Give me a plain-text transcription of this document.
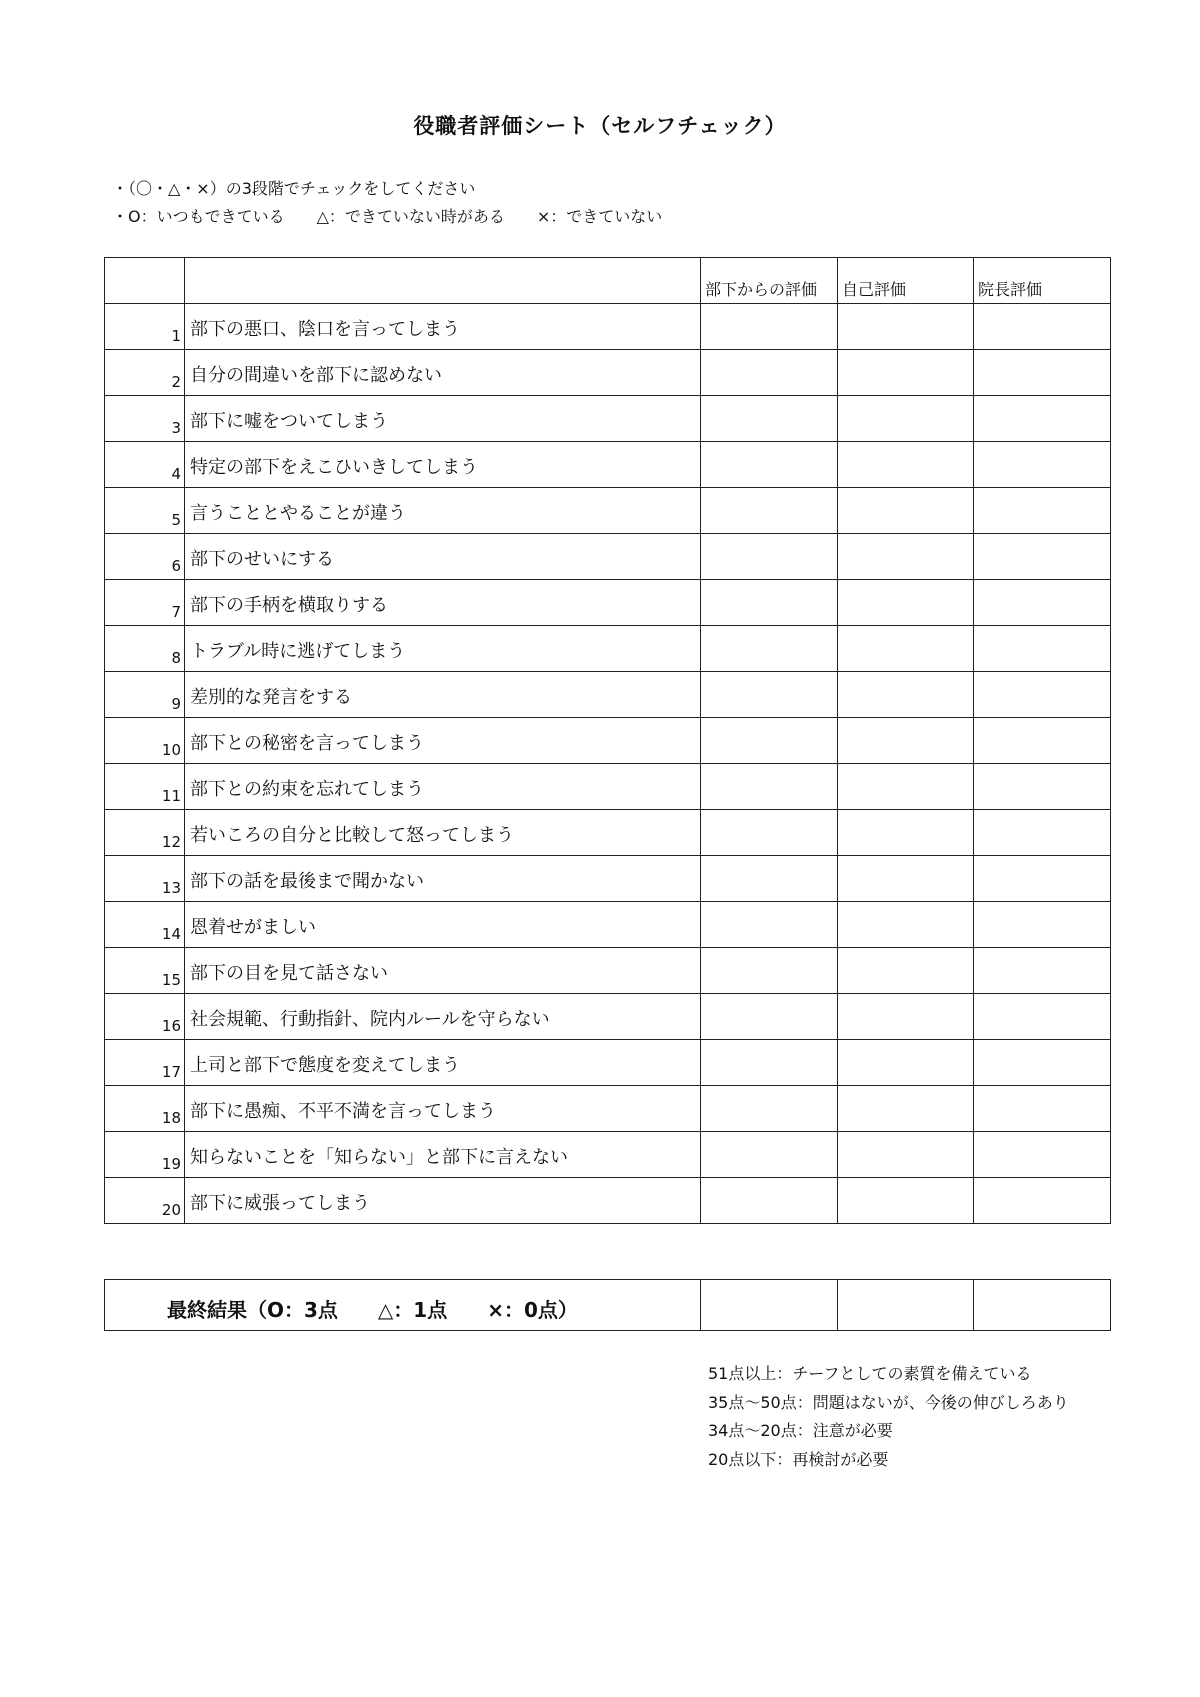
役職者評価シート（セルフチェック）
・（〇・△・×）の3段階でチェックをしてください
・O：いつもできている　　△：できていない時がある　　×：できていない
		部下からの評価	自己評価	院長評価
1	部下の悪口、陰口を言ってしまう			
2	自分の間違いを部下に認めない			
3	部下に嘘をついてしまう			
4	特定の部下をえこひいきしてしまう			
5	言うこととやることが違う			
6	部下のせいにする			
7	部下の手柄を横取りする			
8	トラブル時に逃げてしまう			
9	差別的な発言をする			
10	部下との秘密を言ってしまう			
11	部下との約束を忘れてしまう			
12	若いころの自分と比較して怒ってしまう			
13	部下の話を最後まで聞かない			
14	恩着せがましい			
15	部下の目を見て話さない			
16	社会規範、行動指針、院内ルールを守らない			
17	上司と部下で態度を変えてしまう			
18	部下に愚痴、不平不満を言ってしまう			
19	知らないことを「知らない」と部下に言えない			
20	部下に威張ってしまう			
最終結果（O：3点　　△：1点　　×：0点）			
51点以上：チーフとしての素質を備えている
35点～50点：問題はないが、今後の伸びしろあり
34点～20点：注意が必要
20点以下：再検討が必要
